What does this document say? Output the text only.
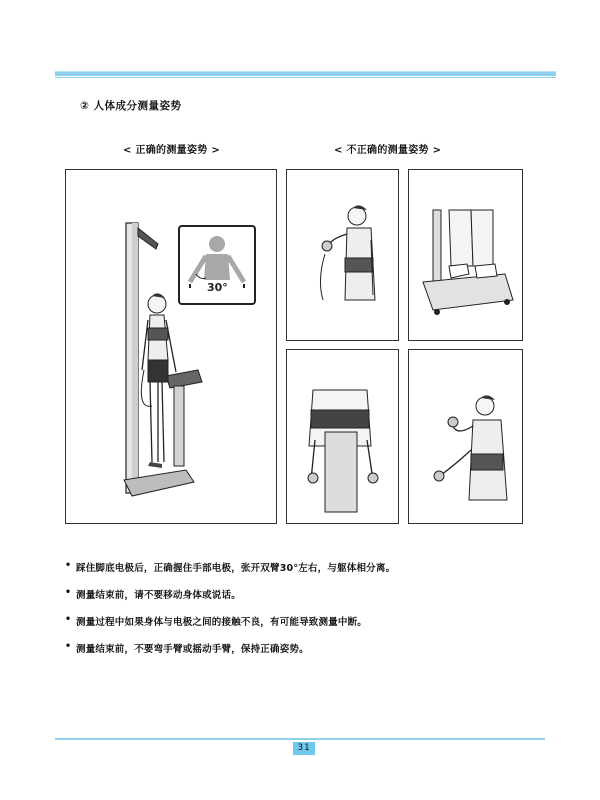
② 人体成分测量姿势
< 正确的测量姿势 >	< 不正确的测量姿势 >
30°
• 踩住脚底电极后，正确握住手部电极，张开双臂30°左右，与躯体相分离。
• 测量结束前，请不要移动身体或说话。
• 测量过程中如果身体与电极之间的接触不良，有可能导致测量中断。
• 测量结束前，不要弯手臂或摇动手臂，保持正确姿势。
31
